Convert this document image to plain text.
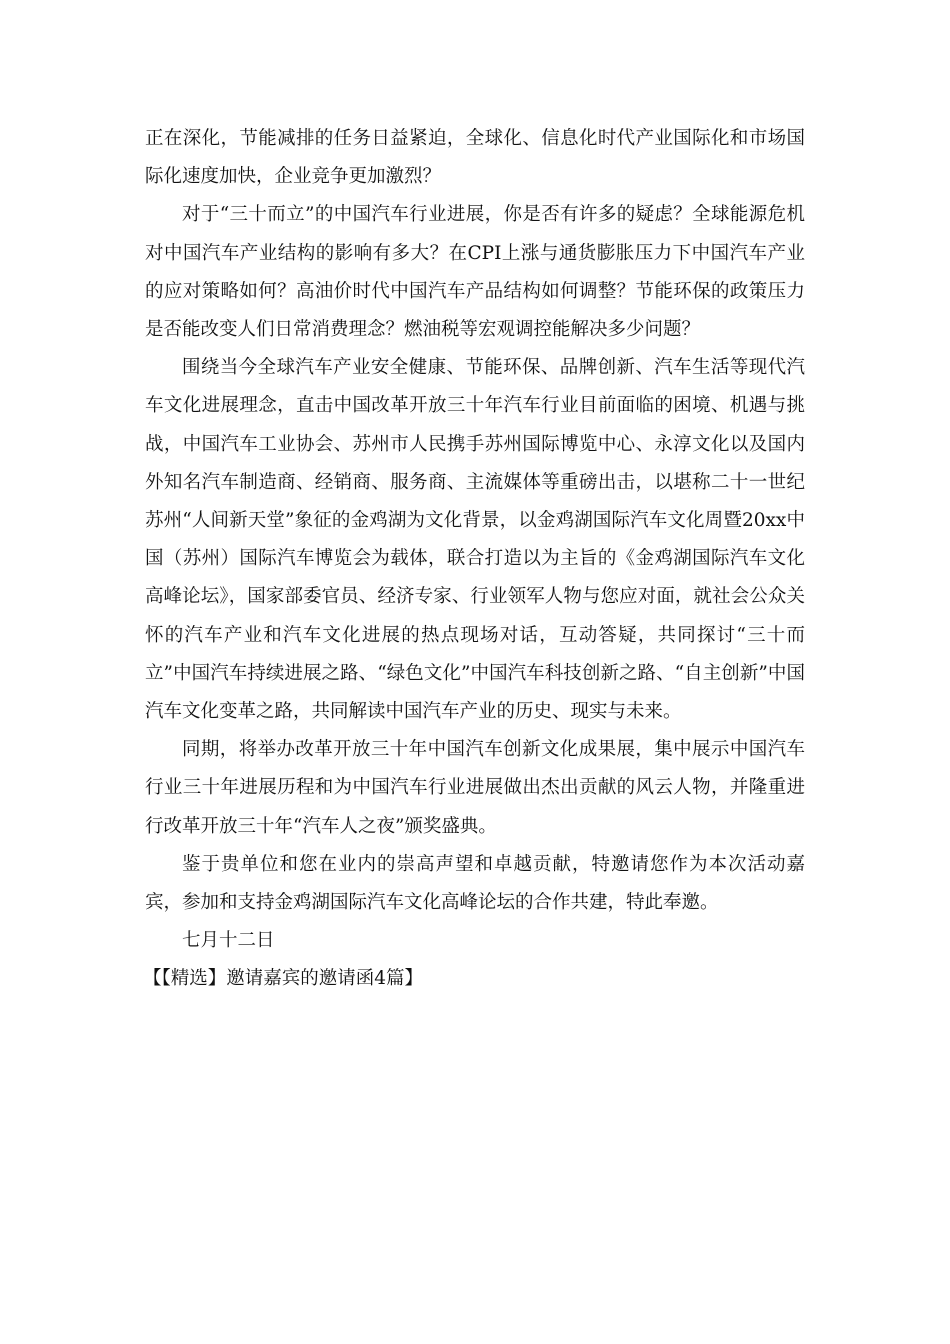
正在深化，节能减排的任务日益紧迫，全球化、信息化时代产业国际化和市场国际化速度加快，企业竞争更加激烈？

对于“三十而立”的中国汽车行业进展，你是否有许多的疑虑？全球能源危机对中国汽车产业结构的影响有多大？在CPI上涨与通货膨胀压力下中国汽车产业的应对策略如何？高油价时代中国汽车产品结构如何调整？节能环保的政策压力是否能改变人们日常消费理念？燃油税等宏观调控能解决多少问题？

围绕当今全球汽车产业安全健康、节能环保、品牌创新、汽车生活等现代汽车文化进展理念，直击中国改革开放三十年汽车行业目前面临的困境、机遇与挑战，中国汽车工业协会、苏州市人民携手苏州国际博览中心、永淳文化以及国内外知名汽车制造商、经销商、服务商、主流媒体等重磅出击，以堪称二十一世纪苏州“人间新天堂”象征的金鸡湖为文化背景，以金鸡湖国际汽车文化周暨20xx中国（苏州）国际汽车博览会为载体，联合打造以为主旨的《金鸡湖国际汽车文化高峰论坛》，国家部委官员、经济专家、行业领军人物与您应对面，就社会公众关怀的汽车产业和汽车文化进展的热点现场对话，互动答疑，共同探讨“三十而立”中国汽车持续进展之路、“绿色文化”中国汽车科技创新之路、“自主创新”中国汽车文化变革之路，共同解读中国汽车产业的历史、现实与未来。

同期，将举办改革开放三十年中国汽车创新文化成果展，集中展示中国汽车行业三十年进展历程和为中国汽车行业进展做出杰出贡献的风云人物，并隆重进行改革开放三十年“汽车人之夜”颁奖盛典。

鉴于贵单位和您在业内的崇高声望和卓越贡献，特邀请您作为本次活动嘉宾，参加和支持金鸡湖国际汽车文化高峰论坛的合作共建，特此奉邀。

七月十二日

【【精选】邀请嘉宾的邀请函4篇】
